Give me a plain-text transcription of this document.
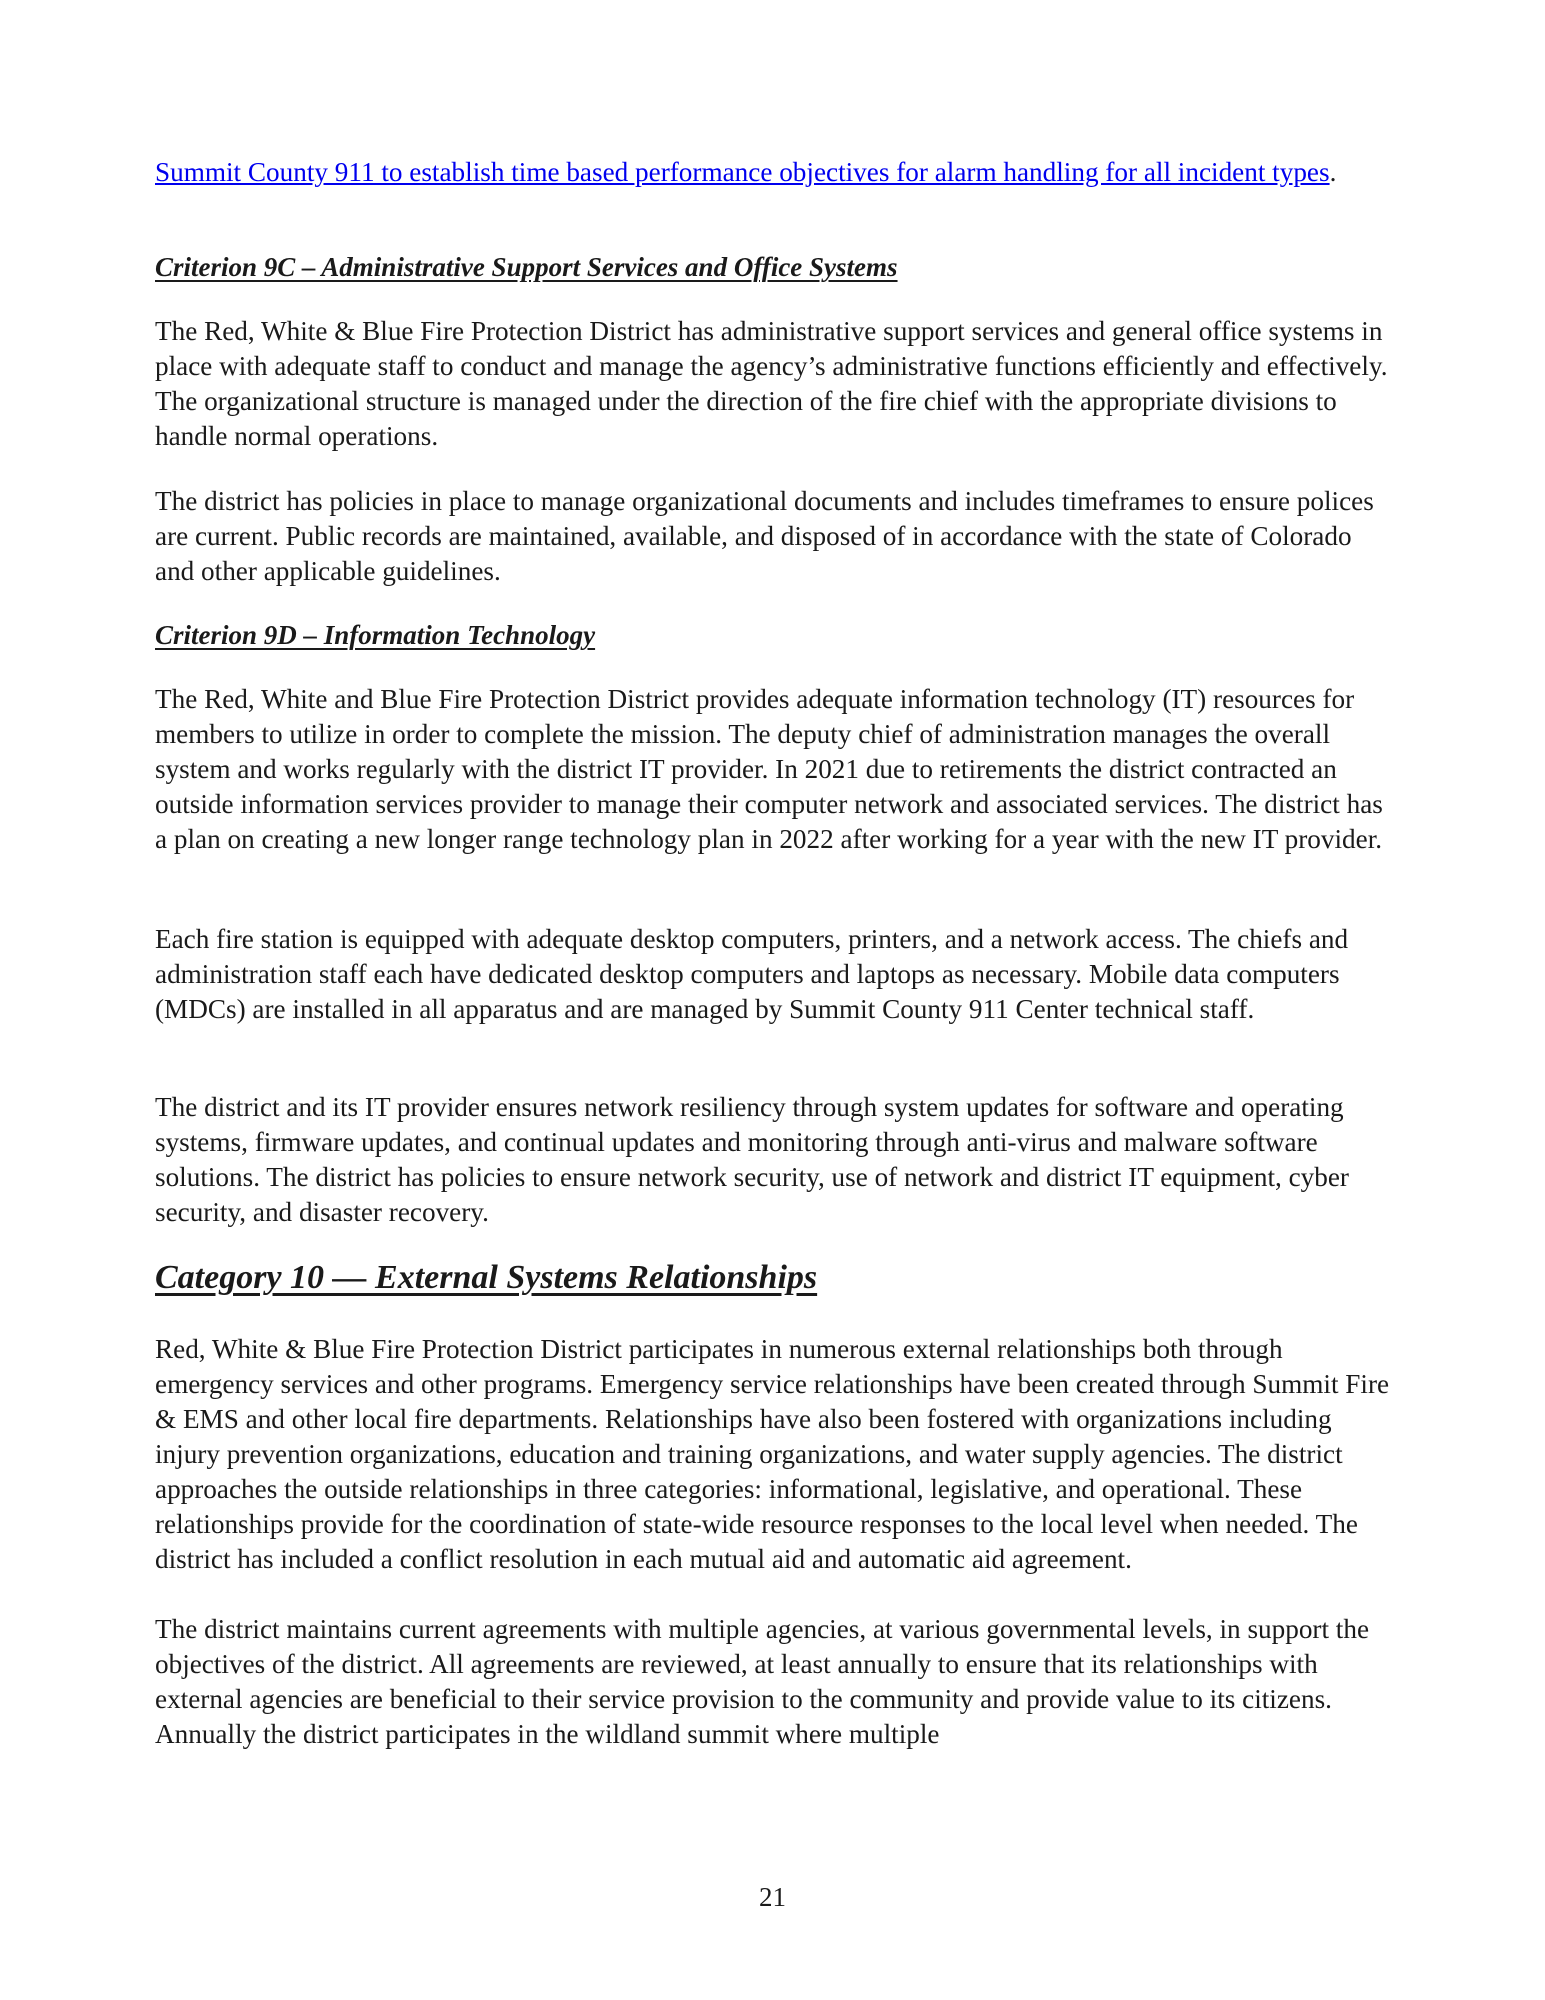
Summit County 911 to establish time based performance objectives for alarm handling for all incident types.

Criterion 9C – Administrative Support Services and Office Systems

The Red, White & Blue Fire Protection District has administrative support services and general office systems in place with adequate staff to conduct and manage the agency’s administrative functions efficiently and effectively. The organizational structure is managed under the direction of the fire chief with the appropriate divisions to handle normal operations.

The district has policies in place to manage organizational documents and includes timeframes to ensure polices are current. Public records are maintained, available, and disposed of in accordance with the state of Colorado and other applicable guidelines.

Criterion 9D – Information Technology

The Red, White and Blue Fire Protection District provides adequate information technology (IT) resources for members to utilize in order to complete the mission. The deputy chief of administration manages the overall system and works regularly with the district IT provider. In 2021 due to retirements the district contracted an outside information services provider to manage their computer network and associated services. The district has a plan on creating a new longer range technology plan in 2022 after working for a year with the new IT provider.

Each fire station is equipped with adequate desktop computers, printers, and a network access. The chiefs and administration staff each have dedicated desktop computers and laptops as necessary. Mobile data computers (MDCs) are installed in all apparatus and are managed by Summit County 911 Center technical staff.

The district and its IT provider ensures network resiliency through system updates for software and operating systems, firmware updates, and continual updates and monitoring through anti-virus and malware software solutions. The district has policies to ensure network security, use of network and district IT equipment, cyber security, and disaster recovery.

Category 10 — External Systems Relationships

Red, White & Blue Fire Protection District participates in numerous external relationships both through emergency services and other programs. Emergency service relationships have been created through Summit Fire & EMS and other local fire departments. Relationships have also been fostered with organizations including injury prevention organizations, education and training organizations, and water supply agencies. The district approaches the outside relationships in three categories: informational, legislative, and operational. These relationships provide for the coordination of state-wide resource responses to the local level when needed. The district has included a conflict resolution in each mutual aid and automatic aid agreement.

The district maintains current agreements with multiple agencies, at various governmental levels, in support the objectives of the district. All agreements are reviewed, at least annually to ensure that its relationships with external agencies are beneficial to their service provision to the community and provide value to its citizens. Annually the district participates in the wildland summit where multiple

21
